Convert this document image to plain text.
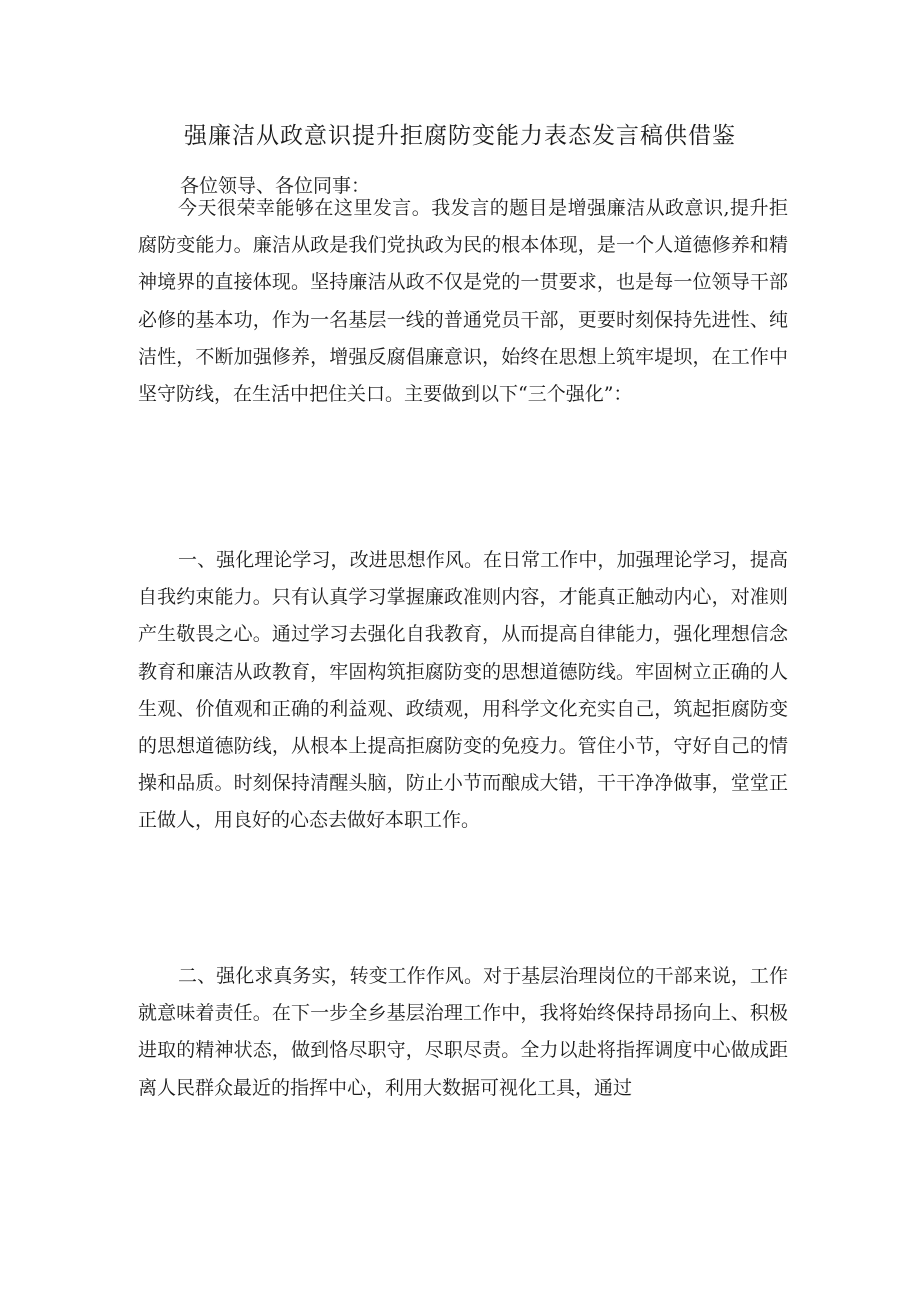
强廉洁从政意识提升拒腐防变能力表态发言稿供借鉴
各位领导、各位同事：

今天很荣幸能够在这里发言。我发言的题目是增强廉洁从政意识,提升拒腐防变能力。廉洁从政是我们党执政为民的根本体现，是一个人道德修养和精神境界的直接体现。坚持廉洁从政不仅是党的一贯要求，也是每一位领导干部必修的基本功，作为一名基层一线的普通党员干部，更要时刻保持先进性、纯洁性，不断加强修养，增强反腐倡廉意识，始终在思想上筑牢堤坝，在工作中坚守防线，在生活中把住关口。主要做到以下“三个强化”：

一、强化理论学习，改进思想作风。在日常工作中，加强理论学习，提高自我约束能力。只有认真学习掌握廉政准则内容，才能真正触动内心，对准则产生敬畏之心。通过学习去强化自我教育，从而提高自律能力，强化理想信念教育和廉洁从政教育，牢固构筑拒腐防变的思想道德防线。牢固树立正确的人生观、价值观和正确的利益观、政绩观，用科学文化充实自己，筑起拒腐防变的思想道德防线，从根本上提高拒腐防变的免疫力。管住小节，守好自己的情操和品质。时刻保持清醒头脑，防止小节而酿成大错，干干净净做事，堂堂正正做人，用良好的心态去做好本职工作。

二、强化求真务实，转变工作作风。对于基层治理岗位的干部来说，工作就意味着责任。在下一步全乡基层治理工作中，我将始终保持昂扬向上、积极进取的精神状态，做到恪尽职守，尽职尽责。全力以赴将指挥调度中心做成距离人民群众最近的指挥中心，利用大数据可视化工具，通过
